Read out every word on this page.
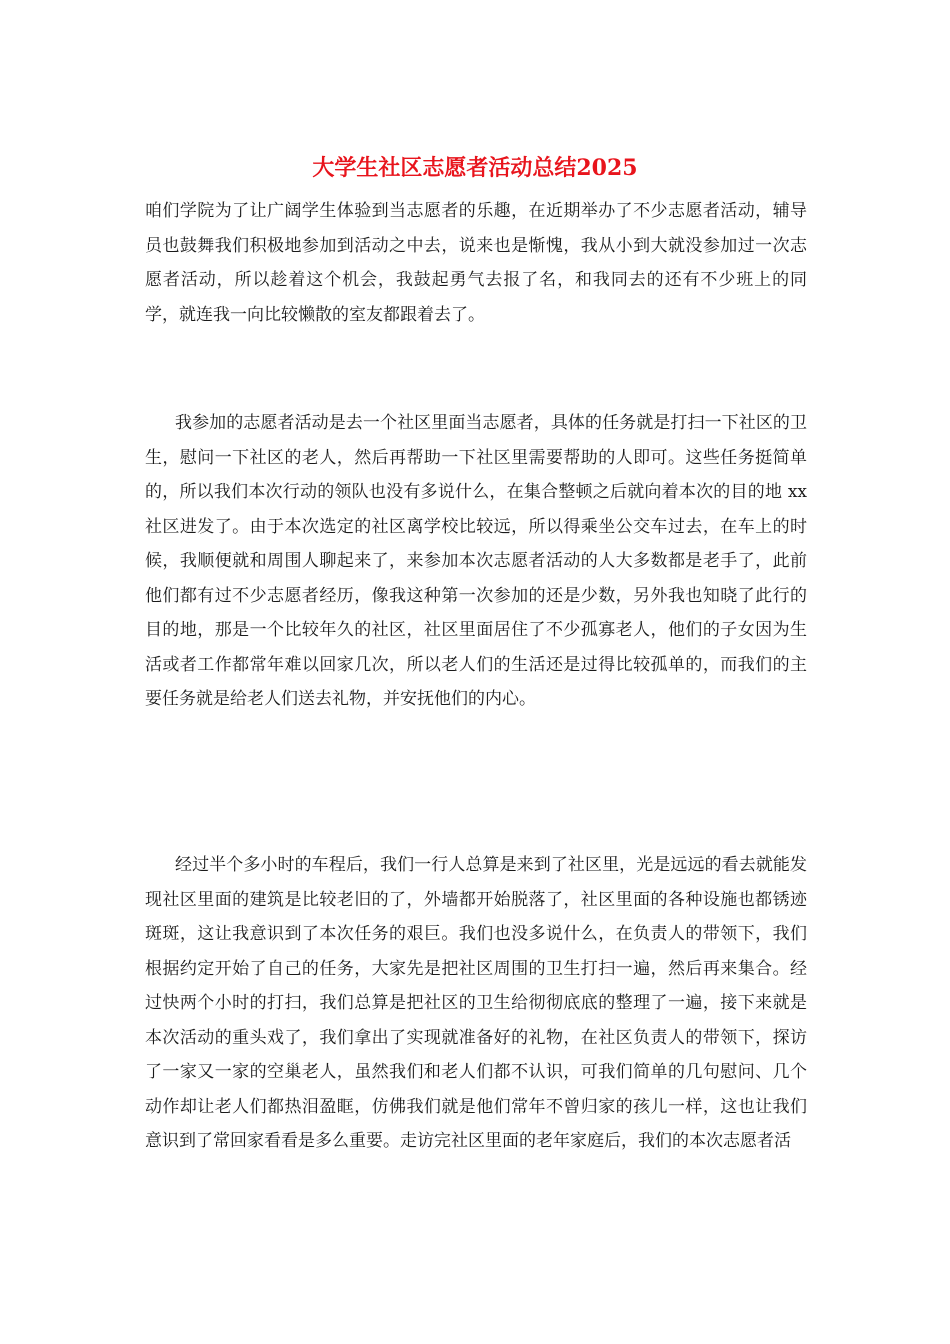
大学生社区志愿者活动总结2025

咱们学院为了让广阔学生体验到当志愿者的乐趣，在近期举办了不少志愿者活动，辅导员也鼓舞我们积极地参加到活动之中去，说来也是惭愧，我从小到大就没参加过一次志愿者活动，所以趁着这个机会，我鼓起勇气去报了名，和我同去的还有不少班上的同学，就连我一向比较懒散的室友都跟着去了。

我参加的志愿者活动是去一个社区里面当志愿者，具体的任务就是打扫一下社区的卫生，慰问一下社区的老人，然后再帮助一下社区里需要帮助的人即可。这些任务挺简单的，所以我们本次行动的领队也没有多说什么，在集合整顿之后就向着本次的目的地 xx社区进发了。由于本次选定的社区离学校比较远，所以得乘坐公交车过去，在车上的时候，我顺便就和周围人聊起来了，来参加本次志愿者活动的人大多数都是老手了，此前他们都有过不少志愿者经历，像我这种第一次参加的还是少数，另外我也知晓了此行的目的地，那是一个比较年久的社区，社区里面居住了不少孤寡老人，他们的子女因为生活或者工作都常年难以回家几次，所以老人们的生活还是过得比较孤单的，而我们的主要任务就是给老人们送去礼物，并安抚他们的内心。

经过半个多小时的车程后，我们一行人总算是来到了社区里，光是远远的看去就能发现社区里面的建筑是比较老旧的了，外墙都开始脱落了，社区里面的各种设施也都锈迹斑斑，这让我意识到了本次任务的艰巨。我们也没多说什么，在负责人的带领下，我们根据约定开始了自己的任务，大家先是把社区周围的卫生打扫一遍，然后再来集合。经过快两个小时的打扫，我们总算是把社区的卫生给彻彻底底的整理了一遍，接下来就是本次活动的重头戏了，我们拿出了实现就准备好的礼物，在社区负责人的带领下，探访了一家又一家的空巢老人，虽然我们和老人们都不认识，可我们简单的几句慰问、几个动作却让老人们都热泪盈眶，仿佛我们就是他们常年不曾归家的孩儿一样，这也让我们意识到了常回家看看是多么重要。走访完社区里面的老年家庭后，我们的本次志愿者活
